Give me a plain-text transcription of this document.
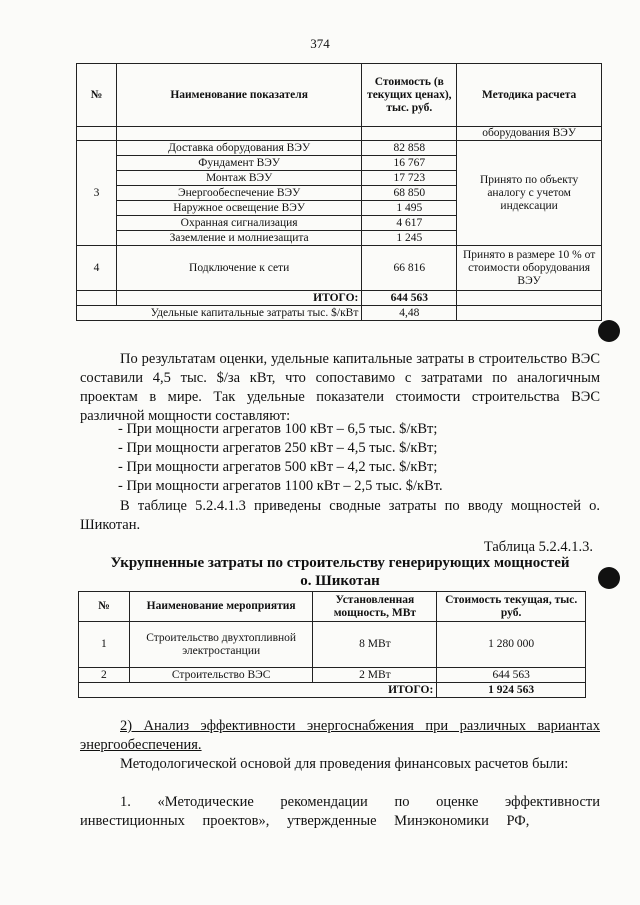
374
№	Наименование показателя	Стоимость (в текущих ценах), тыс. руб.	Методика расчета
			оборудования ВЭУ
3	Доставка оборудования ВЭУ	82 858	Принято по объекту аналогу с учетом индексации
	Фундамент ВЭУ	16 767	
	Монтаж ВЭУ	17 723	
	Энергообеспечение ВЭУ	68 850	
	Наружное освещение ВЭУ	1 495	
	Охранная сигнализация	4 617	
	Заземление и молниезащита	1 245	
4	Подключение к сети	66 816	Принято в размере 10 % от стоимости оборудования ВЭУ
	ИТОГО:	644 563	
Удельные капитальные затраты тыс. $/кВт		4,48	
По результатам оценки, удельные капитальные затраты в строительство ВЭС составили 4,5 тыс. $/за кВт, что сопоставимо с затратами по аналогичным проектам в мире. Так удельные показатели стоимости строительства ВЭС различной мощности составляют:
- При мощности агрегатов 100 кВт – 6,5 тыс. $/кВт;
- При мощности агрегатов 250 кВт – 4,5 тыс. $/кВт;
- При мощности агрегатов 500 кВт – 4,2 тыс. $/кВт;
- При мощности агрегатов 1100 кВт – 2,5 тыс. $/кВт.
В таблице 5.2.4.1.3 приведены сводные затраты по вводу мощностей о. Шикотан.
Таблица 5.2.4.1.3.
Укрупненные затраты по строительству генерирующих мощностей
о. Шикотан
№	Наименование мероприятия	Установленная мощность, МВт	Стоимость текущая, тыс. руб.
1	Строительство двухтопливной электростанции	8 МВт	1 280 000
2	Строительство ВЭС	2 МВт	644 563
ИТОГО:			1 924 563
2) Анализ эффективности энергоснабжения при различных вариантах энергообеспечения.
Методологической основой для проведения финансовых расчетов были:
1. «Методические рекомендации по оценке эффективности инвестиционных проектов», утвержденные Минэкономики РФ,
